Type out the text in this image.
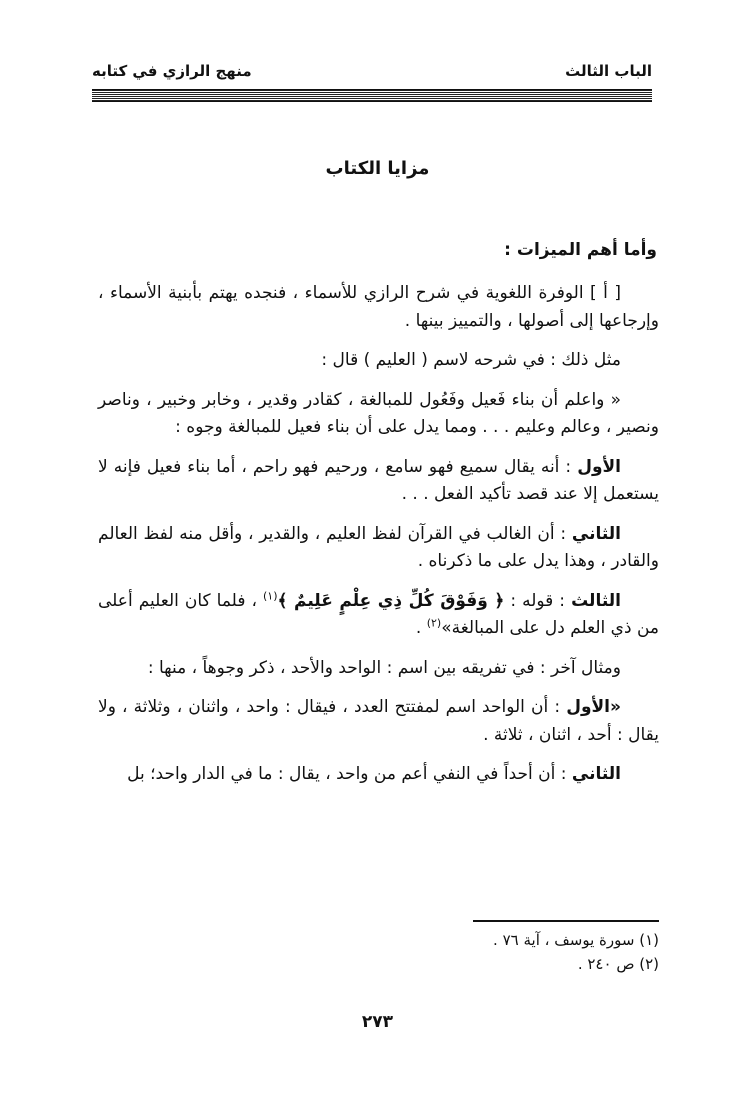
الباب الثالث
منهج الرازي في كتابه
مزايا الكتاب
وأما أهم الميزات :

[ أ ] الوفرة اللغوية في شرح الرازي للأسماء ، فنجده يهتم بأبنية الأسماء ، وإرجاعها إلى أصولها ، والتمييز بينها .

مثل ذلك : في شرحه لاسم ( العليم ) قال :

« واعلم أن بناء فَعيل وفَعُول للمبالغة ، كقادر وقدير ، وخابر وخبير ، وناصر ونصير ، وعالم وعليم . . . ومما يدل على أن بناء فعيل للمبالغة وجوه :

الأول : أنه يقال سميع فهو سامع ، ورحيم فهو راحم ، أما بناء فعيل فإنه لا يستعمل إلا عند قصد تأكيد الفعل . . .

الثاني : أن الغالب في القرآن لفظ العليم ، والقدير ، وأقل منه لفظ العالم والقادر ، وهذا يدل على ما ذكرناه .

الثالث : قوله : ﴿ وَفَوْقَ كُلِّ ذِي عِلْمٍ عَلِيمٌ ﴾$^{(١)}$ ، فلما كان العليم أعلى من ذي العلم دل على المبالغة»$^{(٢)}$ .

ومثال آخر : في تفريقه بين اسم : الواحد والأحد ، ذكر وجوهاً ، منها :

«الأول : أن الواحد اسم لمفتتح العدد ، فيقال : واحد ، واثنان ، وثلاثة ، ولا يقال : أحد ، اثنان ، ثلاثة .

الثاني : أن أحداً في النفي أعم من واحد ، يقال : ما في الدار واحد؛ بل

(١) سورة يوسف ، آية ٧٦ .
(٢) ص ٢٤٠ .
٢٧٣
